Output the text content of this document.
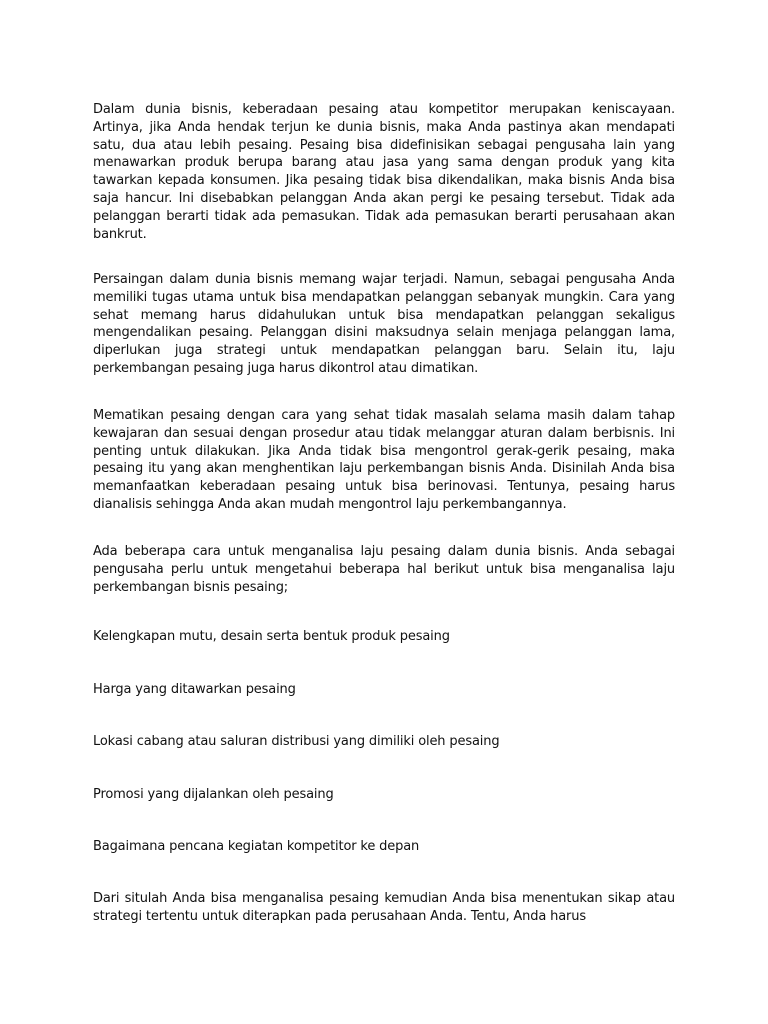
Dalam dunia bisnis, keberadaan pesaing atau kompetitor merupakan keniscayaan. Artinya, jika Anda hendak terjun ke dunia bisnis, maka Anda pastinya akan mendapati satu, dua atau lebih pesaing. Pesaing bisa didefinisikan sebagai pengusaha lain yang menawarkan produk berupa barang atau jasa yang sama dengan produk yang kita tawarkan kepada konsumen. Jika pesaing tidak bisa dikendalikan, maka bisnis Anda bisa saja hancur. Ini disebabkan pelanggan Anda akan pergi ke pesaing tersebut. Tidak ada pelanggan berarti tidak ada pemasukan. Tidak ada pemasukan berarti perusahaan akan bankrut.

Persaingan dalam dunia bisnis memang wajar terjadi. Namun, sebagai pengusaha Anda memiliki tugas utama untuk bisa mendapatkan pelanggan sebanyak mungkin. Cara yang sehat memang harus didahulukan untuk bisa mendapatkan pelanggan sekaligus mengendalikan pesaing. Pelanggan disini maksudnya selain menjaga pelanggan lama, diperlukan juga strategi untuk mendapatkan pelanggan baru. Selain itu, laju perkembangan pesaing juga harus dikontrol atau dimatikan.

Mematikan pesaing dengan cara yang sehat tidak masalah selama masih dalam tahap kewajaran dan sesuai dengan prosedur atau tidak melanggar aturan dalam berbisnis. Ini penting untuk dilakukan. Jika Anda tidak bisa mengontrol gerak-gerik pesaing, maka pesaing itu yang akan menghentikan laju perkembangan bisnis Anda. Disinilah Anda bisa memanfaatkan keberadaan pesaing untuk bisa berinovasi. Tentunya, pesaing harus dianalisis sehingga Anda akan mudah mengontrol laju perkembangannya.

Ada beberapa cara untuk menganalisa laju pesaing dalam dunia bisnis. Anda sebagai pengusaha perlu untuk mengetahui beberapa hal berikut untuk bisa menganalisa laju perkembangan bisnis pesaing;

Kelengkapan mutu, desain serta bentuk produk pesaing

Harga yang ditawarkan pesaing

Lokasi cabang atau saluran distribusi yang dimiliki oleh pesaing

Promosi yang dijalankan oleh pesaing

Bagaimana pencana kegiatan kompetitor ke depan

Dari situlah Anda bisa menganalisa pesaing kemudian Anda bisa menentukan sikap atau strategi tertentu untuk diterapkan pada perusahaan Anda. Tentu, Anda harus
